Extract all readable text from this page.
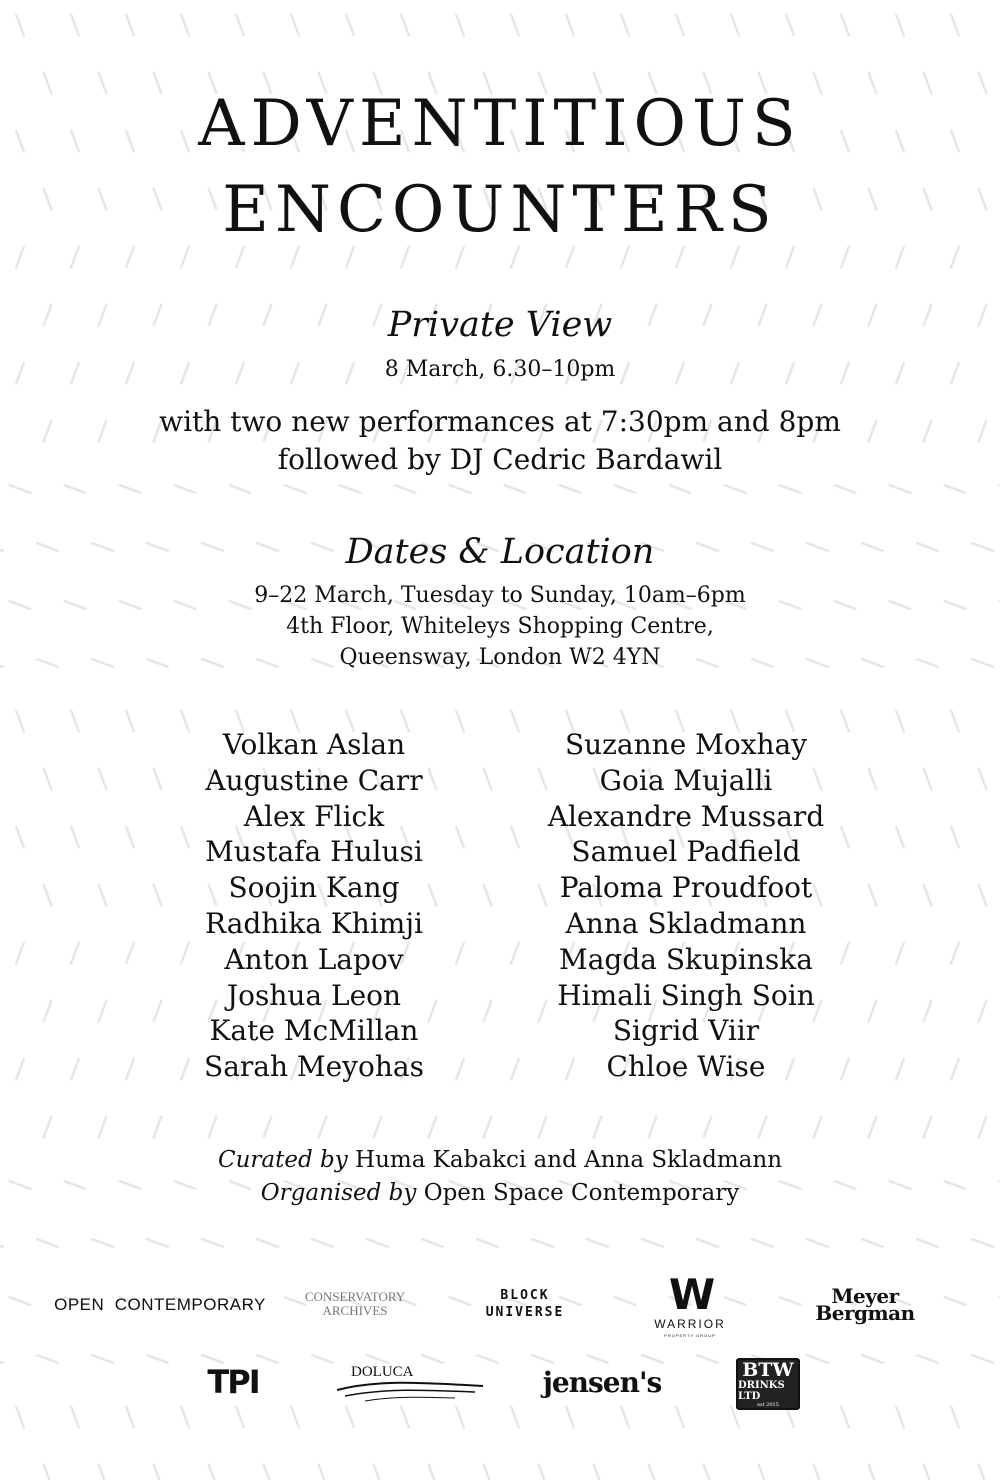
ADVENTITIOUS
ENCOUNTERS
Private View
8 March, 6.30–10pm
with two new performances at 7:30pm and 8pm
followed by DJ Cedric Bardawil
Dates & Location
9–22 March, Tuesday to Sunday, 10am–6pm
4th Floor, Whiteleys Shopping Centre,
Queensway, London W2 4YN
Volkan Aslan
Augustine Carr
Alex Flick
Mustafa Hulusi
Soojin Kang
Radhika Khimji
Anton Lapov
Joshua Leon
Kate McMillan
Sarah Meyohas
Suzanne Moxhay
Goia Mujalli
Alexandre Mussard
Samuel Padfield
Paloma Proudfoot
Anna Skladmann
Magda Skupinska
Himali Singh Soin
Sigrid Viir
Chloe Wise
Curated by Huma Kabakci and Anna Skladmann
Organised by Open Space Contemporary
OPEN  CONTEMPORARY	CONSERVATORY
ARCHIVES
BLOCK
UNIVERSE W
WARRIOR
PROPERTY GROUP
Meyer
Bergman
TPI	DOLUCA	jensen's	BTW
DRINKS LTD
est 2015
